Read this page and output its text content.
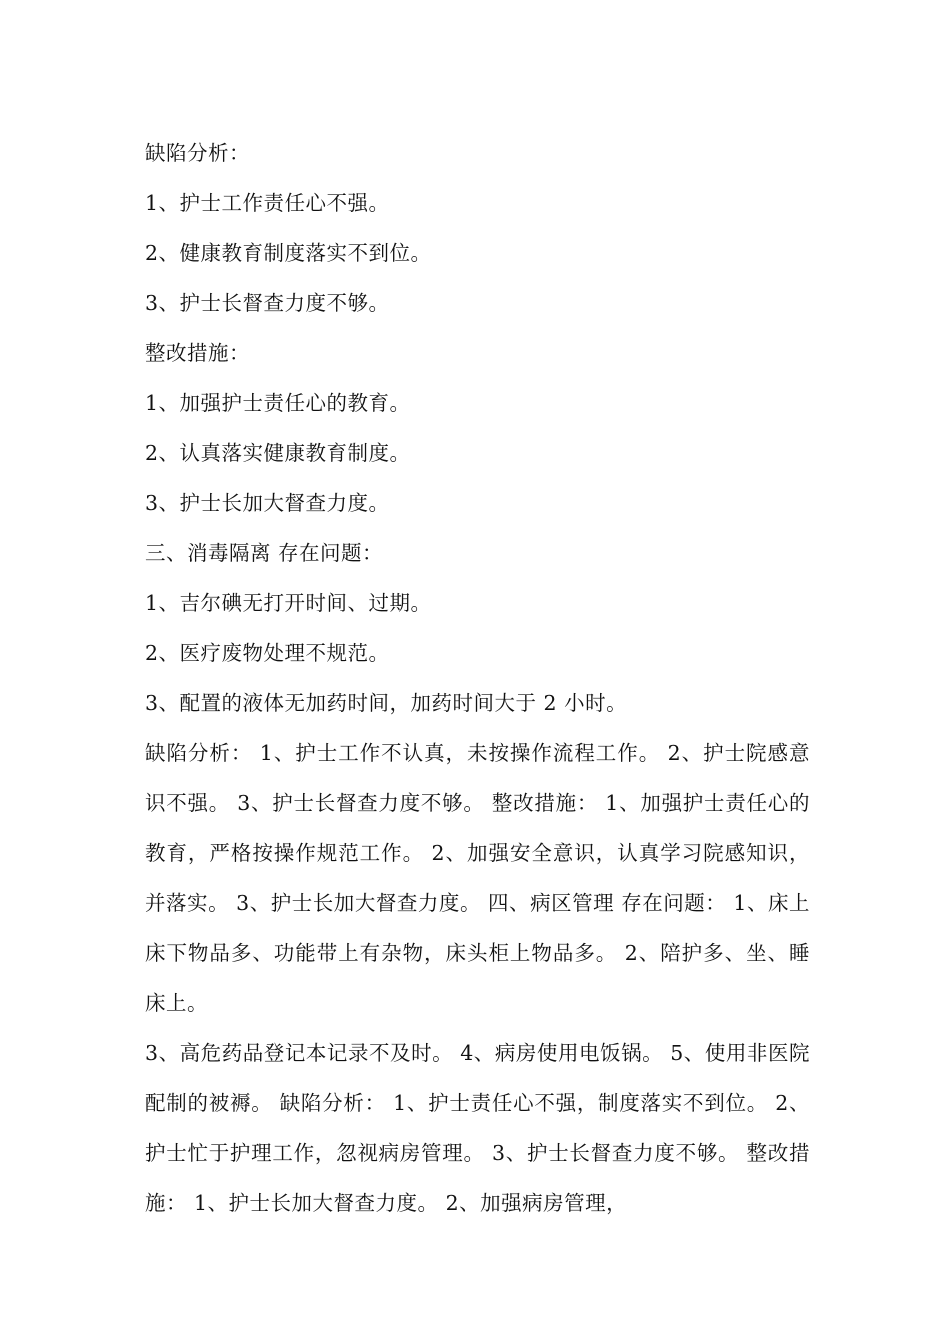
缺陷分析：
1、护士工作责任心不强。
2、健康教育制度落实不到位。
3、护士长督查力度不够。
整改措施：
1、加强护士责任心的教育。
2、认真落实健康教育制度。
3、护士长加大督查力度。
三、消毒隔离 存在问题：
1、吉尔碘无打开时间、过期。
2、医疗废物处理不规范。
3、配置的液体无加药时间，加药时间大于 2 小时。
缺陷分析： 1、护士工作不认真，未按操作流程工作。 2、护士院感意识不强。 3、护士长督查力度不够。 整改措施： 1、加强护士责任心的教育，严格按操作规范工作。 2、加强安全意识，认真学习院感知识，并落实。 3、护士长加大督查力度。 四、病区管理 存在问题： 1、床上床下物品多、功能带上有杂物，床头柜上物品多。 2、陪护多、坐、睡床上。
3、高危药品登记本记录不及时。 4、病房使用电饭锅。 5、使用非医院配制的被褥。 缺陷分析： 1、护士责任心不强，制度落实不到位。 2、护士忙于护理工作，忽视病房管理。 3、护士长督查力度不够。 整改措施： 1、护士长加大督查力度。 2、加强病房管理，
